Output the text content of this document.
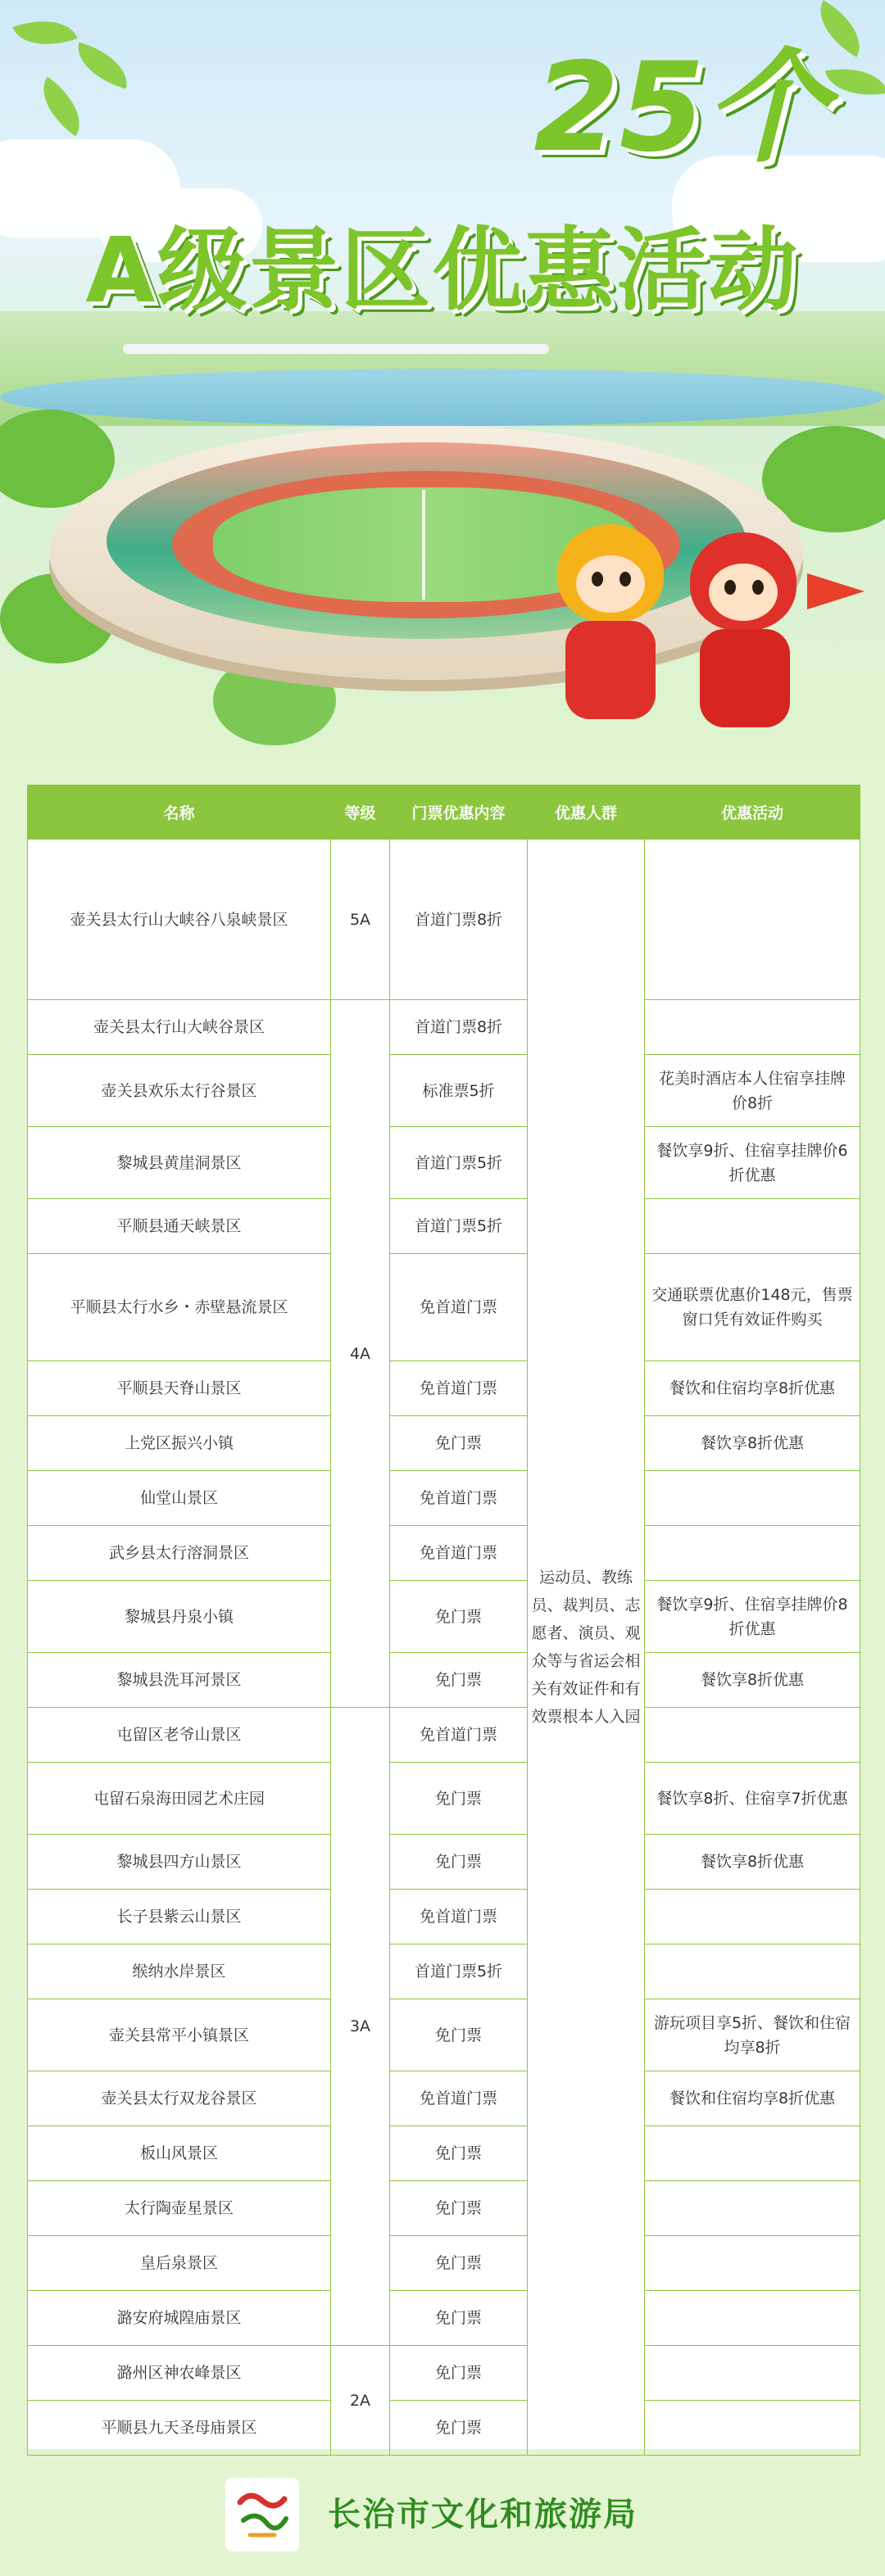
25个
A级景区优惠活动
名称	等级	门票优惠内容	优惠人群	优惠活动
壶关县太行山大峡谷八泉峡景区	5A	首道门票8折	运动员、教练员、裁判员、志愿者、演员、观众等与省运会相关有效证件和有效票根本人入园	
壶关县太行山大峡谷景区	4A	首道门票8折		
壶关县欢乐太行谷景区		标准票5折		花美时酒店本人住宿享挂牌价8折
黎城县黄崖洞景区		首道门票5折		餐饮享9折、住宿享挂牌价6折优惠
平顺县通天峡景区		首道门票5折		
平顺县太行水乡・赤壁悬流景区		免首道门票		交通联票优惠价148元，售票窗口凭有效证件购买
平顺县天脊山景区		免首道门票		餐饮和住宿均享8折优惠
上党区振兴小镇		免门票		餐饮享8折优惠
仙堂山景区		免首道门票		
武乡县太行溶洞景区		免首道门票		
黎城县丹泉小镇		免门票		餐饮享9折、住宿享挂牌价8折优惠
黎城县洗耳河景区		免门票		餐饮享8折优惠
屯留区老爷山景区	3A	免首道门票		
屯留石泉海田园艺术庄园		免门票		餐饮享8折、住宿享7折优惠
黎城县四方山景区		免门票		餐饮享8折优惠
长子县紫云山景区		免首道门票		
缑纳水岸景区		首道门票5折		
壶关县常平小镇景区		免门票		游玩项目享5折、餐饮和住宿均享8折
壶关县太行双龙谷景区		免首道门票		餐饮和住宿均享8折优惠
板山风景区		免门票		
太行陶壶星景区		免门票		
皇后泉景区		免门票		
潞安府城隍庙景区		免门票		
潞州区神农峰景区	2A	免门票		
平顺县九天圣母庙景区		免门票		
长治市文化和旅游局
